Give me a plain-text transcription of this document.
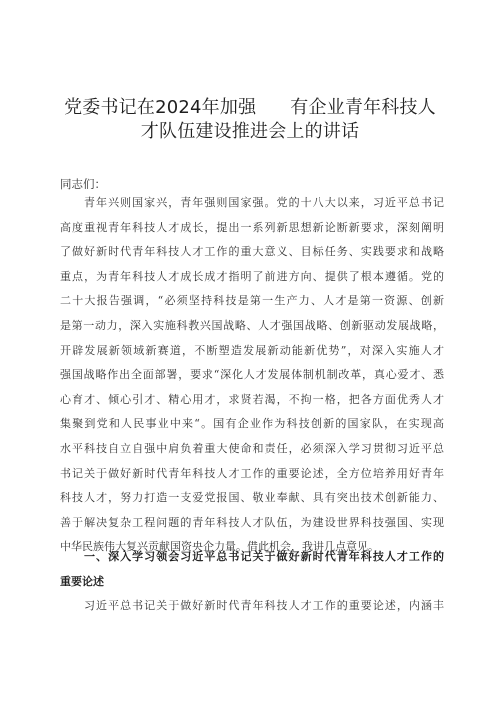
党委书记在2024年加强 有企业青年科技人
才队伍建设推进会上的讲话
同志们：
青年兴则国家兴，青年强则国家强。党的十八大以来，习近平总书记
高度重视青年科技人才成长，提出一系列新思想新论断新要求，深刻阐明
了做好新时代青年科技人才工作的重大意义、目标任务、实践要求和战略
重点，为青年科技人才成长成才指明了前进方向、提供了根本遵循。党的
二十大报告强调，“必须坚持科技是第一生产力、人才是第一资源、创新
是第一动力，深入实施科教兴国战略、人才强国战略、创新驱动发展战略，
开辟发展新领域新赛道，不断塑造发展新动能新优势”，对深入实施人才
强国战略作出全面部署，要求“深化人才发展体制机制改革，真心爱才、悉
心育才、倾心引才、精心用才，求贤若渴，不拘一格，把各方面优秀人才
集聚到党和人民事业中来“。国有企业作为科技创新的国家队，在实现高
水平科技自立自强中肩负着重大使命和责任，必须深入学习贯彻习近平总
书记关于做好新时代青年科技人才工作的重要论述，全方位培养用好青年
科技人才，努力打造一支爱党报国、敬业奉献、具有突出技术创新能力、
善于解决复杂工程问题的青年科技人才队伍，为建设世界科技强国、实现
中华民族伟大复兴贡献国资央企力量。借此机会，我讲几点意见。
一、深入学习领会习近平总书记关于做好新时代青年科技人才工作的
重要论述
习近平总书记关于做好新时代青年科技人才工作的重要论述，内涵丰
